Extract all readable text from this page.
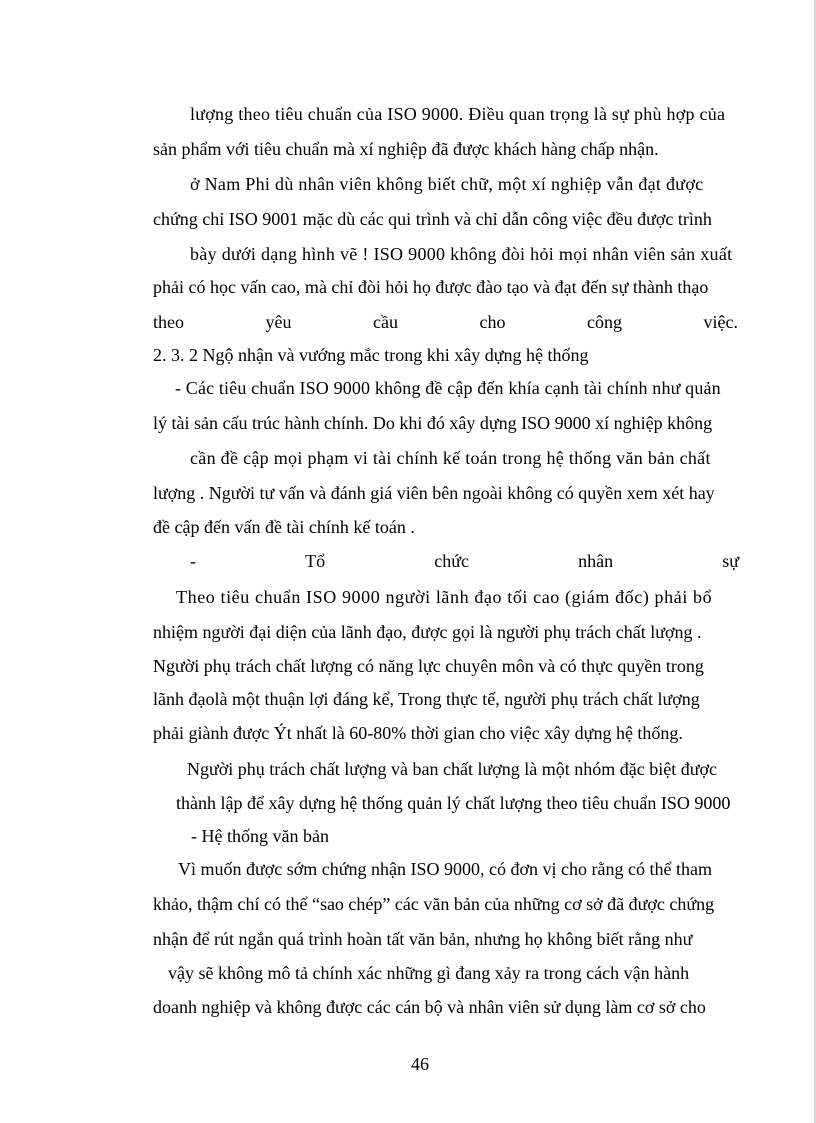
lượng theo tiêu chuẩn của ISO 9000. Điều quan trọng là sự phù hợp của
sản phẩm với tiêu chuẩn mà xí nghiệp đã được khách hàng chấp nhận.
ở Nam Phi dù nhân viên không biết chữ, một xí nghiệp vẫn đạt được
chứng chỉ ISO 9001 mặc dù các qui trình và chỉ dẫn công việc đều được trình
bày dưới dạng hình vẽ ! ISO 9000 không đòi hỏi mọi nhân viên sản xuất
phải có học vấn cao, mà chỉ đòi hỏi họ được đào tạo và đạt đến sự thành thạo
theo	yêu	cầu	cho	công	việc.
2. 3. 2 Ngộ nhận và vướng mắc trong khi xây dựng hệ thống
- Các tiêu chuẩn ISO 9000 không đề cập đến khía cạnh tài chính như quản
lý tài sản cấu trúc hành chính. Do khi đó xây dựng ISO 9000 xí nghiệp không
cần đề cập mọi phạm vi tài chính kế toán trong hệ thống văn bản chất
lượng . Người tư vấn và đánh giá viên bên ngoài không có quyền xem xét hay
đề cập đến vấn đề tài chính kế toán .
-	Tổ	chức	nhân	sự
Theo tiêu chuẩn ISO 9000 người lãnh đạo tối cao (giám đốc) phải bổ
nhiệm người đại diện của lãnh đạo, được gọi là người phụ trách chất lượng .
Người phụ trách chất lượng có năng lực chuyên môn và có thực quyền trong
lãnh đạolà một thuận lợi đáng kể, Trong thực tế, người phụ trách chất lượng
phải giành được Ýt nhất là 60-80% thời gian cho việc xây dựng hệ thống.
Người phụ trách chất lượng và ban chất lượng là một nhóm đặc biệt được
thành lập để xây dựng hệ thống quản lý chất lượng theo tiêu chuẩn ISO 9000
- Hệ thống văn bản
Vì muốn được sớm chứng nhận ISO 9000, có đơn vị cho rằng có thể tham
khảo, thậm chí có thể “sao chép” các văn bản của những cơ sở đã được chứng
nhận để rút ngắn quá trình hoàn tất văn bản, nhưng họ không biết rằng như
vậy sẽ không mô tả chính xác những gì đang xảy ra trong cách vận hành
doanh nghiệp và không được các cán bộ và nhân viên sử dụng làm cơ sở cho
46
